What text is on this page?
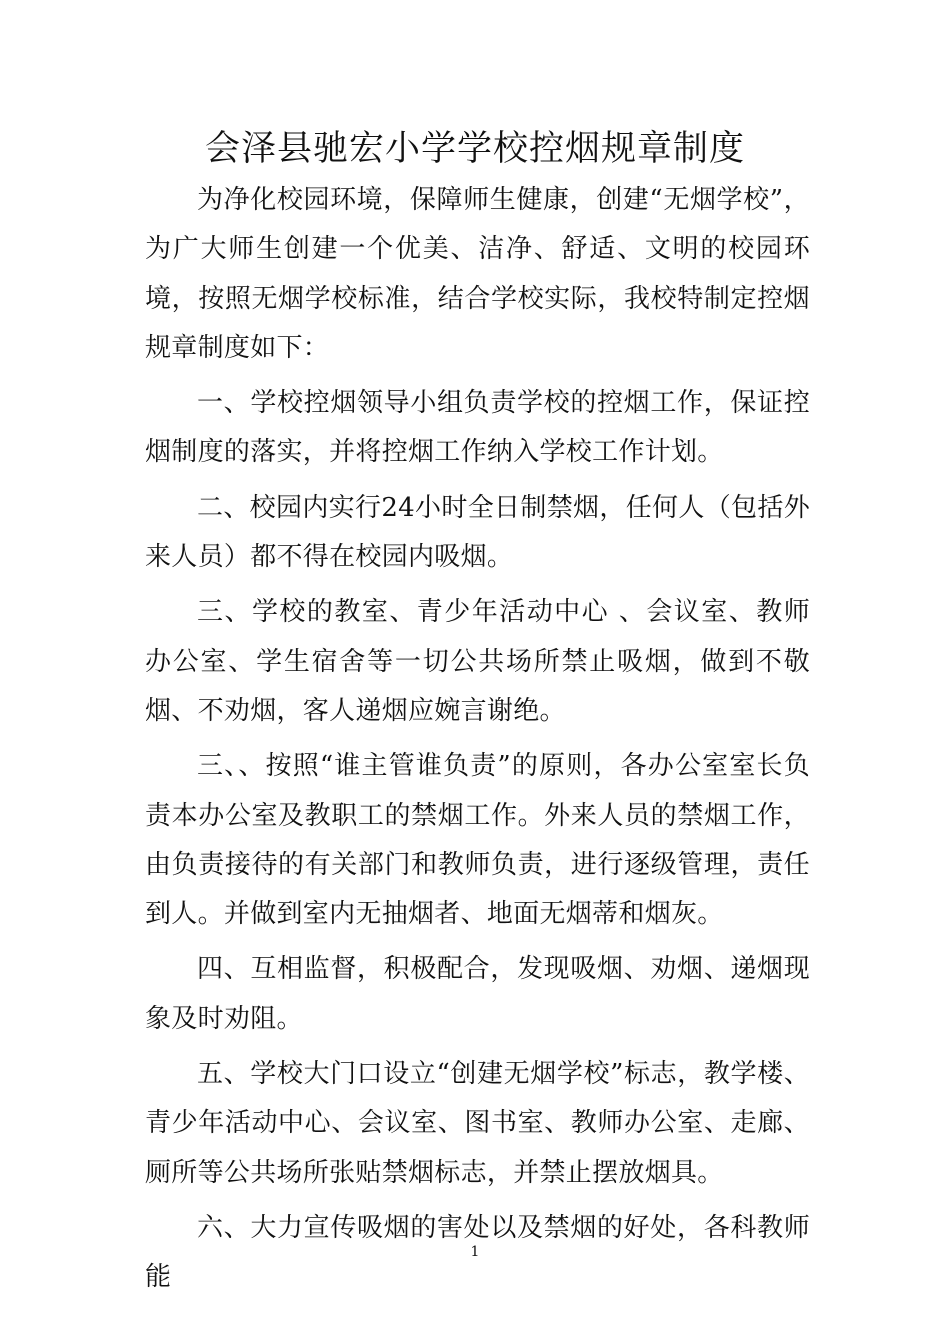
会泽县驰宏小学学校控烟规章制度

为净化校园环境，保障师生健康，创建“无烟学校”，为广大师生创建一个优美、洁净、舒适、文明的校园环境，按照无烟学校标准，结合学校实际，我校特制定控烟规章制度如下：

一、学校控烟领导小组负责学校的控烟工作，保证控烟制度的落实，并将控烟工作纳入学校工作计划。

二、校园内实行24小时全日制禁烟，任何人（包括外来人员）都不得在校园内吸烟。

三、学校的教室、青少年活动中心 、会议室、教师办公室、学生宿舍等一切公共场所禁止吸烟，做到不敬烟、不劝烟，客人递烟应婉言谢绝。

三、、按照“谁主管谁负责”的原则，各办公室室长负责本办公室及教职工的禁烟工作。外来人员的禁烟工作，由负责接待的有关部门和教师负责，进行逐级管理，责任到人。并做到室内无抽烟者、地面无烟蒂和烟灰。

四、互相监督，积极配合，发现吸烟、劝烟、递烟现象及时劝阻。

五、学校大门口设立“创建无烟学校”标志，教学楼、青少年活动中心、会议室、图书室、教师办公室、走廊、厕所等公共场所张贴禁烟标志，并禁止摆放烟具。

六、大力宣传吸烟的害处以及禁烟的好处，各科教师能

1
